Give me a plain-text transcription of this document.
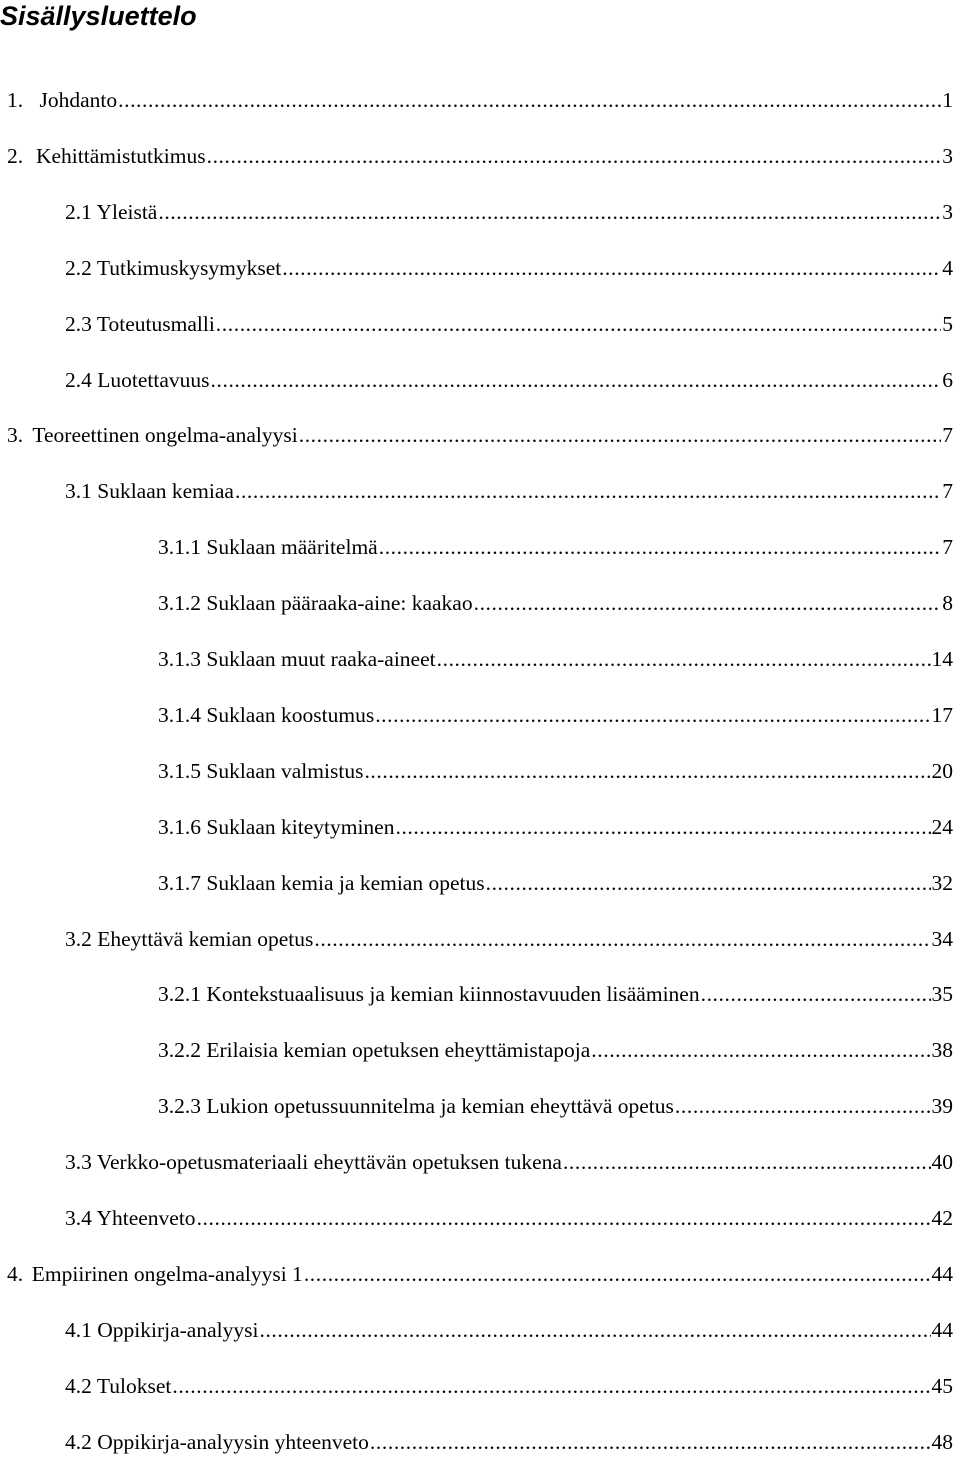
Sisällysluettelo
1. Johdanto .....	1
2. Kehittämistutkimus .....	3
2.1 Yleistä .....	3
2.2 Tutkimuskysymykset .....	4
2.3 Toteutusmalli .....	5
2.4 Luotettavuus .....	6
3. Teoreettinen ongelma-analyysi .....	7
3.1 Suklaan kemiaa .....	7
3.1.1 Suklaan määritelmä .....	7
3.1.2 Suklaan pääraaka-aine: kaakao .....	8
3.1.3 Suklaan muut raaka-aineet .....	14
3.1.4 Suklaan koostumus .....	17
3.1.5 Suklaan valmistus .....	20
3.1.6 Suklaan kiteytyminen .....	24
3.1.7 Suklaan kemia ja kemian opetus .....	32
3.2 Eheyttävä kemian opetus .....	34
3.2.1 Kontekstuaalisuus ja kemian kiinnostavuuden lisääminen .....	35
3.2.2 Erilaisia kemian opetuksen eheyttämistapoja .....	38
3.2.3 Lukion opetussuunnitelma ja kemian eheyttävä opetus .....	39
3.3 Verkko-opetusmateriaali eheyttävän opetuksen tukena .....	40
3.4 Yhteenveto .....	42
4. Empiirinen ongelma-analyysi 1 .....	44
4.1 Oppikirja-analyysi .....	44
4.2 Tulokset .....	45
4.2 Oppikirja-analyysin yhteenveto .....	48
